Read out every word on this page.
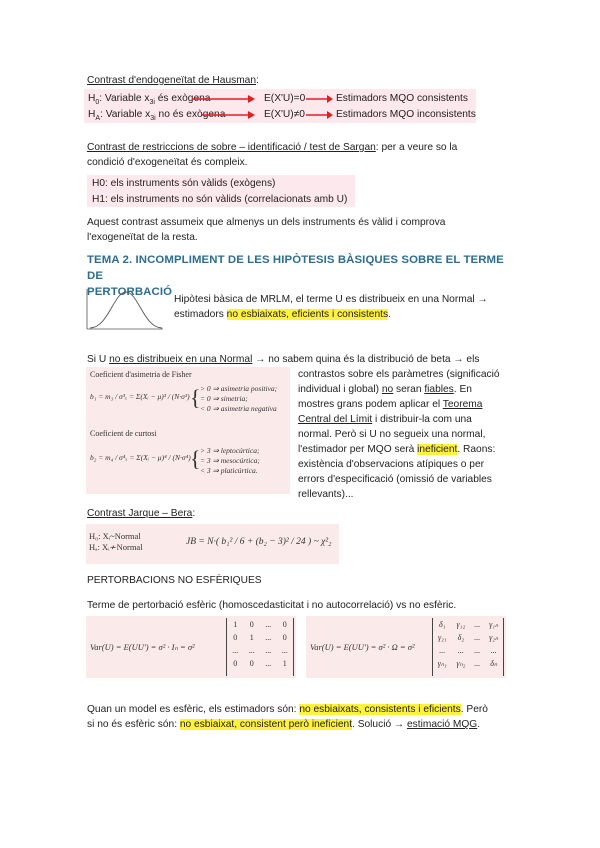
Contrast d'endogeneïtat de Hausman:
$H_0$: Variable $x_{3i}$ és exògena	E(X'U)=0	Estimadors MQO consistents
$H_A$: Variable $x_{3i}$ no és exògena	E(X'U)≠0	Estimadors MQO inconsistents
Contrast de restriccions de sobre – identificació / test de Sargan: per a veure so la
condició d'exogeneïtat és compleix.
H0: els instruments són vàlids (exògens)
H1: els instruments no són vàlids (correlacionats amb U)
Aquest contrast assumeix que almenys un dels instruments és vàlid i comprova
l'exogeneïtat de la resta.
TEMA 2. INCOMPLIMENT DE LES HIPÒTESIS BÀSIQUES SOBRE EL TERME DE
PERTORBACIÓ
Hipòtesi bàsica de MRLM, el terme U es distribueix en una Normal →
estimadors no esbiaixats, eficients i consistents.
Si U no es distribueix en una Normal → no sabem quina és la distribució de beta → els
Coeficient d'asimetria de Fisher
b₁ = m₃ / σ³ₓ = Σ(Xᵢ − μ)³ / (N·σ³) { > 0 ⇒ asimetria positiva;
= 0 ⇒ simetria;
< 0 ⇒ asimetria negativa
Coeficient de curtosi
b₂ = m₄ / σ⁴ₓ = Σ(Xᵢ − μ)⁴ / (N·σ⁴) { > 3 ⇒ leptocúrtica;
= 3 ⇒ mesocúrtica;
< 3 ⇒ platicúrtica.
contrastos sobre els paràmetres (significació
individual i global) no seran fiables. En
mostres grans podem aplicar el Teorema
Central del Límit i distribuir-la com una
normal. Però si U no segueix una normal,
l'estimador per MQO serà ineficient. Raons:
existència d'observacions atípiques o per
errors d'especificació (omissió de variables
rellevants)...
Contrast Jarque – Bera:
H₀: Xᵢ~Normal
Hₐ: Xᵢ≁Normal	JB = N·( b₁² / 6 + (b₂ − 3)² / 24 ) ~ χ²₂
PERTORBACIONS NO ESFÈRIQUES
Terme de pertorbació esfèric (homoscedasticitat i no autocorrelació) vs no esfèric.
Var(U) = E(UU') = σ² · Iₙ = σ²
1	0	...	0
0	1	...	0
...	...	...	...
0	0	...	1
Var(U) = E(UU') = σ² · Ω = σ²
δ₁	γ₁₂	...	γ₁ₙ
γ₂₁	δ₂	...	γ₂ₙ
...	...	...	...
γₙ₁	γₙ₂	...	δₙ
Quan un model es esfèric, els estimadors són: no esbiaixats, consistents i eficients. Però
si no és esfèric són: no esbiaixat, consistent però ineficient. Solució → estimació MQG.
